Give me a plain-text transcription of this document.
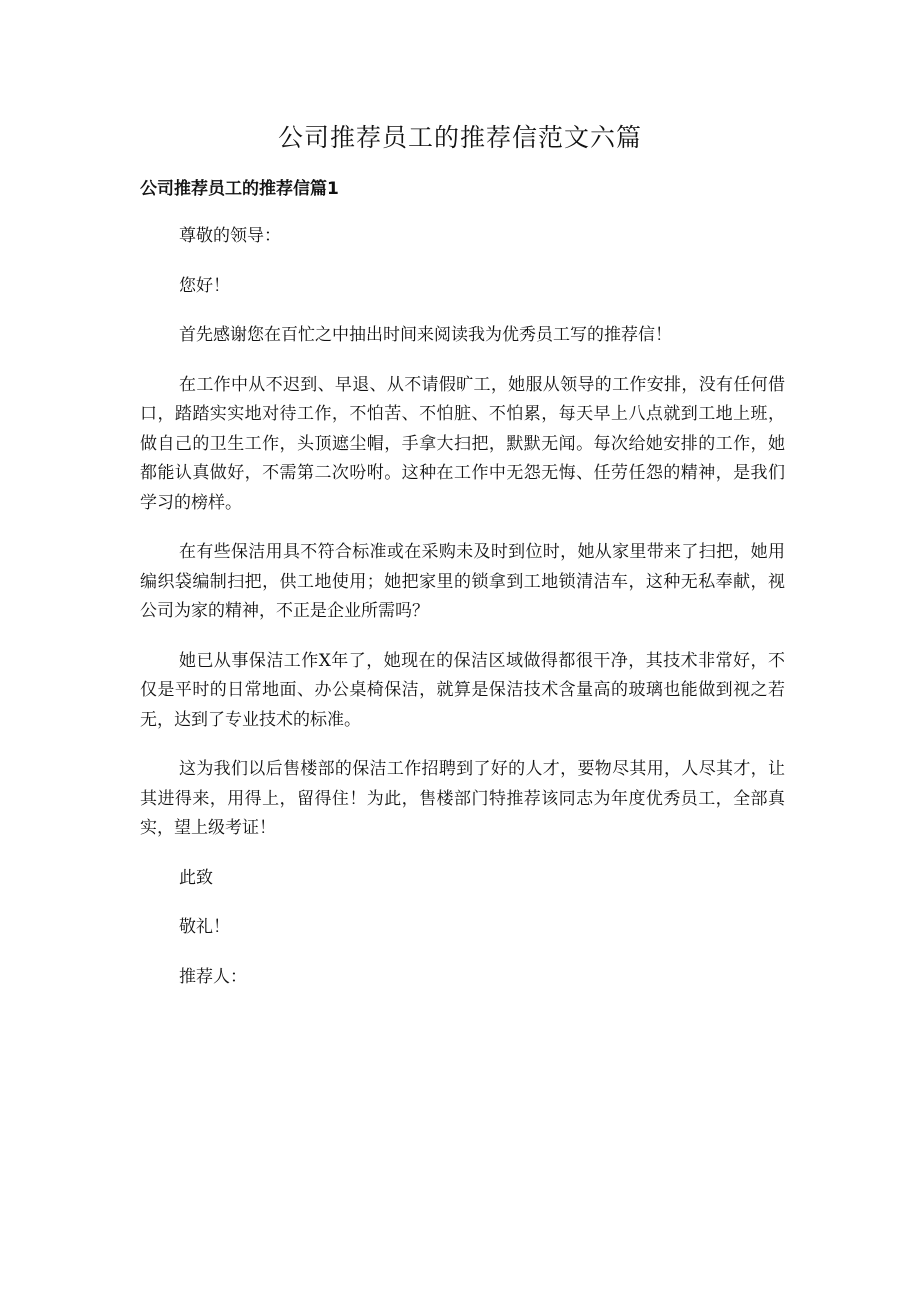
公司推荐员工的推荐信范文六篇
公司推荐员工的推荐信篇1

尊敬的领导：

您好！

首先感谢您在百忙之中抽出时间来阅读我为优秀员工写的推荐信！

在工作中从不迟到、早退、从不请假旷工，她服从领导的工作安排，没有任何借口，踏踏实实地对待工作，不怕苦、不怕脏、不怕累，每天早上八点就到工地上班，做自己的卫生工作，头顶遮尘帽，手拿大扫把，默默无闻。每次给她安排的工作，她都能认真做好，不需第二次吩咐。这种在工作中无怨无悔、任劳任怨的精神，是我们学习的榜样。

在有些保洁用具不符合标准或在采购未及时到位时，她从家里带来了扫把，她用编织袋编制扫把，供工地使用；她把家里的锁拿到工地锁清洁车，这种无私奉献，视公司为家的精神，不正是企业所需吗？

她已从事保洁工作X年了，她现在的保洁区域做得都很干净，其技术非常好，不仅是平时的日常地面、办公桌椅保洁，就算是保洁技术含量高的玻璃也能做到视之若无，达到了专业技术的标准。

这为我们以后售楼部的保洁工作招聘到了好的人才，要物尽其用，人尽其才，让其进得来，用得上，留得住！为此，售楼部门特推荐该同志为年度优秀员工，全部真实，望上级考证！

此致

敬礼！

推荐人：
